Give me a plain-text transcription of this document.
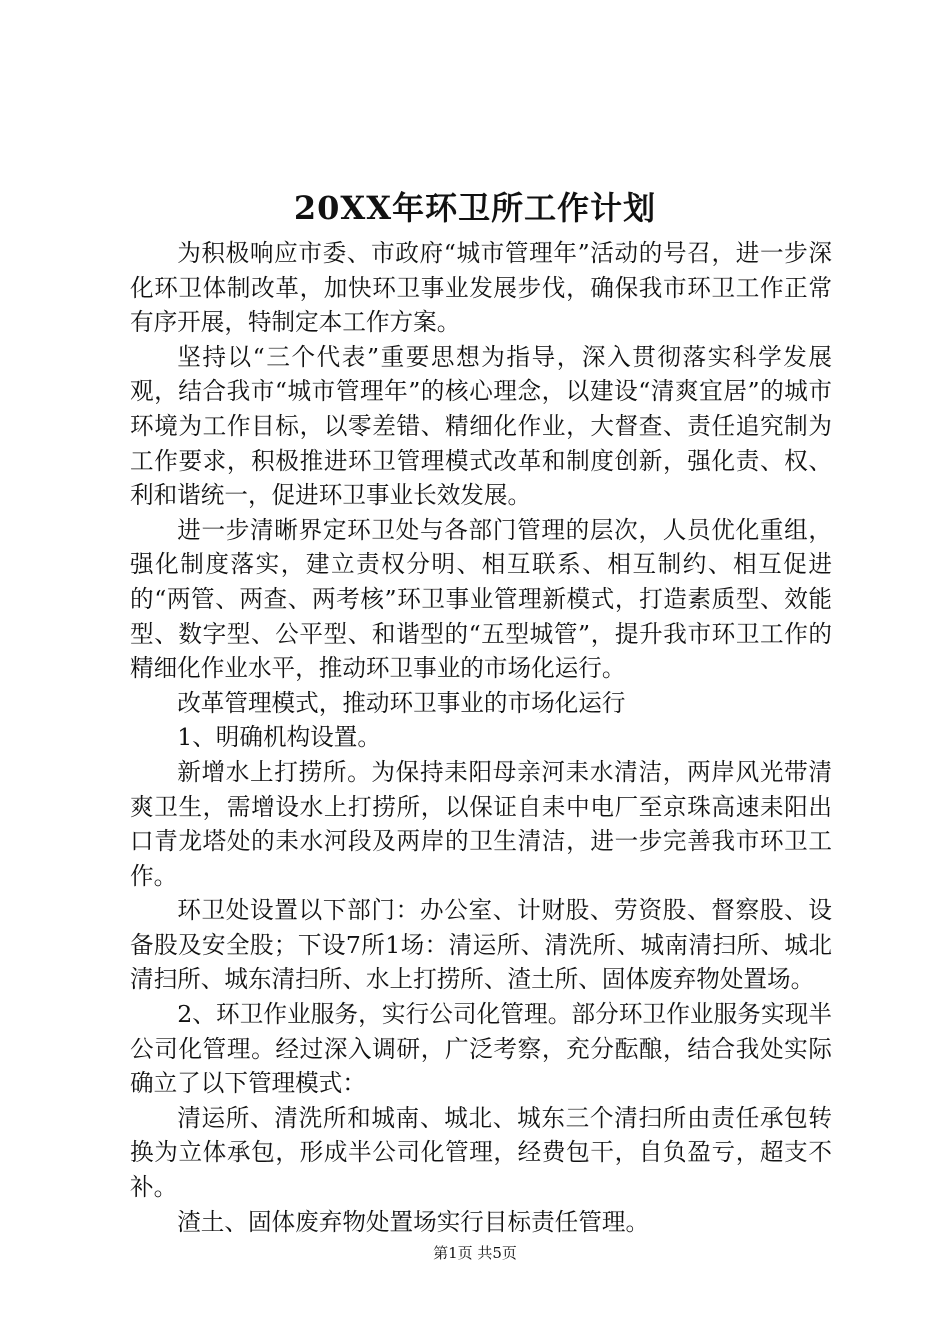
20XX年环卫所工作计划

为积极响应市委、市政府“城市管理年”活动的号召，进一步深化环卫体制改革，加快环卫事业发展步伐，确保我市环卫工作正常有序开展，特制定本工作方案。

坚持以“三个代表”重要思想为指导，深入贯彻落实科学发展观，结合我市“城市管理年”的核心理念，以建设“清爽宜居”的城市环境为工作目标，以零差错、精细化作业，大督查、责任追究制为工作要求，积极推进环卫管理模式改革和制度创新，强化责、权、利和谐统一，促进环卫事业长效发展。

进一步清晰界定环卫处与各部门管理的层次，人员优化重组，强化制度落实，建立责权分明、相互联系、相互制约、相互促进的“两管、两查、两考核”环卫事业管理新模式，打造素质型、效能型、数字型、公平型、和谐型的“五型城管”，提升我市环卫工作的精细化作业水平，推动环卫事业的市场化运行。

改革管理模式，推动环卫事业的市场化运行

1、明确机构设置。

新增水上打捞所。为保持耒阳母亲河耒水清洁，两岸风光带清爽卫生，需增设水上打捞所，以保证自耒中电厂至京珠高速耒阳出口青龙塔处的耒水河段及两岸的卫生清洁，进一步完善我市环卫工作。

环卫处设置以下部门：办公室、计财股、劳资股、督察股、设备股及安全股；下设7所1场：清运所、清洗所、城南清扫所、城北清扫所、城东清扫所、水上打捞所、渣土所、固体废弃物处置场。

2、环卫作业服务，实行公司化管理。部分环卫作业服务实现半公司化管理。经过深入调研，广泛考察，充分酝酿，结合我处实际确立了以下管理模式：

清运所、清洗所和城南、城北、城东三个清扫所由责任承包转换为立体承包，形成半公司化管理，经费包干，自负盈亏，超支不补。

渣土、固体废弃物处置场实行目标责任管理。

第1页 共5页
